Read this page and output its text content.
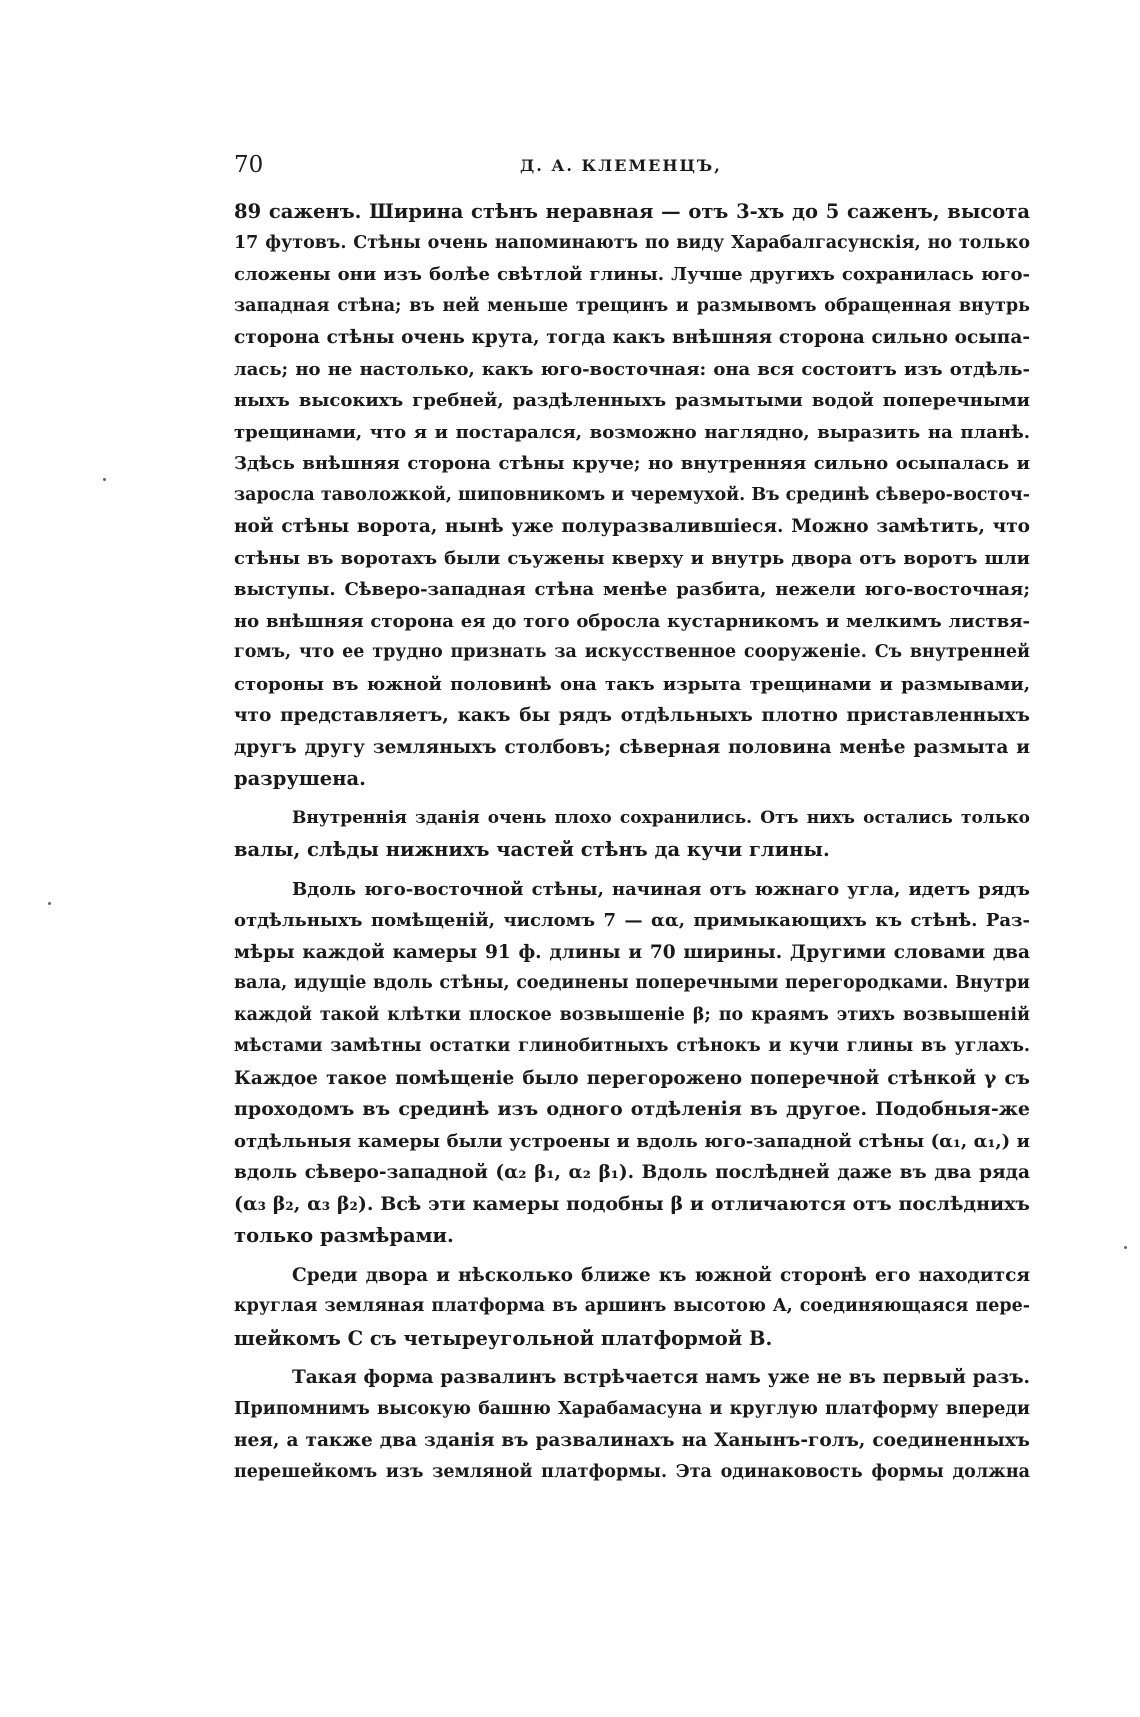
70	Д. А. КЛЕМЕНЦЪ,
89 саженъ. Ширина стѣнъ неравная — отъ 3-хъ до 5 саженъ, высота
17 футовъ. Стѣны очень напоминаютъ по виду Харабалгасунскія, но только
сложены они изъ болѣе свѣтлой глины. Лучше другихъ сохранилась юго-
западная стѣна; въ ней меньше трещинъ и размывомъ обращенная внутрь
сторона стѣны очень крута, тогда какъ внѣшняя сторона сильно осыпа-
лась; но не настолько, какъ юго-восточная: она вся состоитъ изъ отдѣль-
ныхъ высокихъ гребней, раздѣленныхъ размытыми водой поперечными
трещинами, что я и постарался, возможно наглядно, выразить на планѣ.
Здѣсь внѣшняя сторона стѣны круче; но внутренняя сильно осыпалась и
заросла таволожкой, шиповникомъ и черемухой. Въ срединѣ сѣверо-восточ-
ной стѣны ворота, нынѣ уже полуразвалившіеся. Можно замѣтить, что
стѣны въ воротахъ были съужены кверху и внутрь двора отъ воротъ шли
выступы. Сѣверо-западная стѣна менѣе разбита, нежели юго-восточная;
но внѣшняя сторона ея до того обросла кустарникомъ и мелкимъ листвя-
гомъ, что ее трудно признать за искусственное сооруженіе. Съ внутренней
стороны въ южной половинѣ она такъ изрыта трещинами и размывами,
что представляетъ, какъ бы рядъ отдѣльныхъ плотно приставленныхъ
другъ другу земляныхъ столбовъ; сѣверная половина менѣе размыта и
разрушена.
Внутреннія зданія очень плохо сохранились. Отъ нихъ остались только
валы, слѣды нижнихъ частей стѣнъ да кучи глины.
Вдоль юго-восточной стѣны, начиная отъ южнаго угла, идетъ рядъ
отдѣльныхъ помѣщеній, числомъ 7 — αα, примыкающихъ къ стѣнѣ. Раз-
мѣры каждой камеры 91 ф. длины и 70 ширины. Другими словами два
вала, идущіе вдоль стѣны, соединены поперечными перегородками. Внутри
каждой такой клѣтки плоское возвышеніе β; по краямъ этихъ возвышеній
мѣстами замѣтны остатки глинобитныхъ стѣнокъ и кучи глины въ углахъ.
Каждое такое помѣщеніе было перегорожено поперечной стѣнкой γ съ
проходомъ въ срединѣ изъ одного отдѣленія въ другое. Подобныя-же
отдѣльныя камеры были устроены и вдоль юго-западной стѣны (α₁, α₁,) и
вдоль сѣверо-западной (α₂ β₁, α₂ β₁). Вдоль послѣдней даже въ два ряда
(α₃ β₂, α₃ β₂). Всѣ эти камеры подобны β и отличаются отъ послѣднихъ
только размѣрами.
Среди двора и нѣсколько ближе къ южной сторонѣ его находится
круглая земляная платформа въ аршинъ высотою A, соединяющаяся пере-
шейкомъ C съ четыреугольной платформой B.
Такая форма развалинъ встрѣчается намъ уже не въ первый разъ.
Припомнимъ высокую башню Харабамасуна и круглую платформу впереди
нея, а также два зданія въ развалинахъ на Ханынъ-голъ, соединенныхъ
перешейкомъ изъ земляной платформы. Эта одинаковость формы должна
